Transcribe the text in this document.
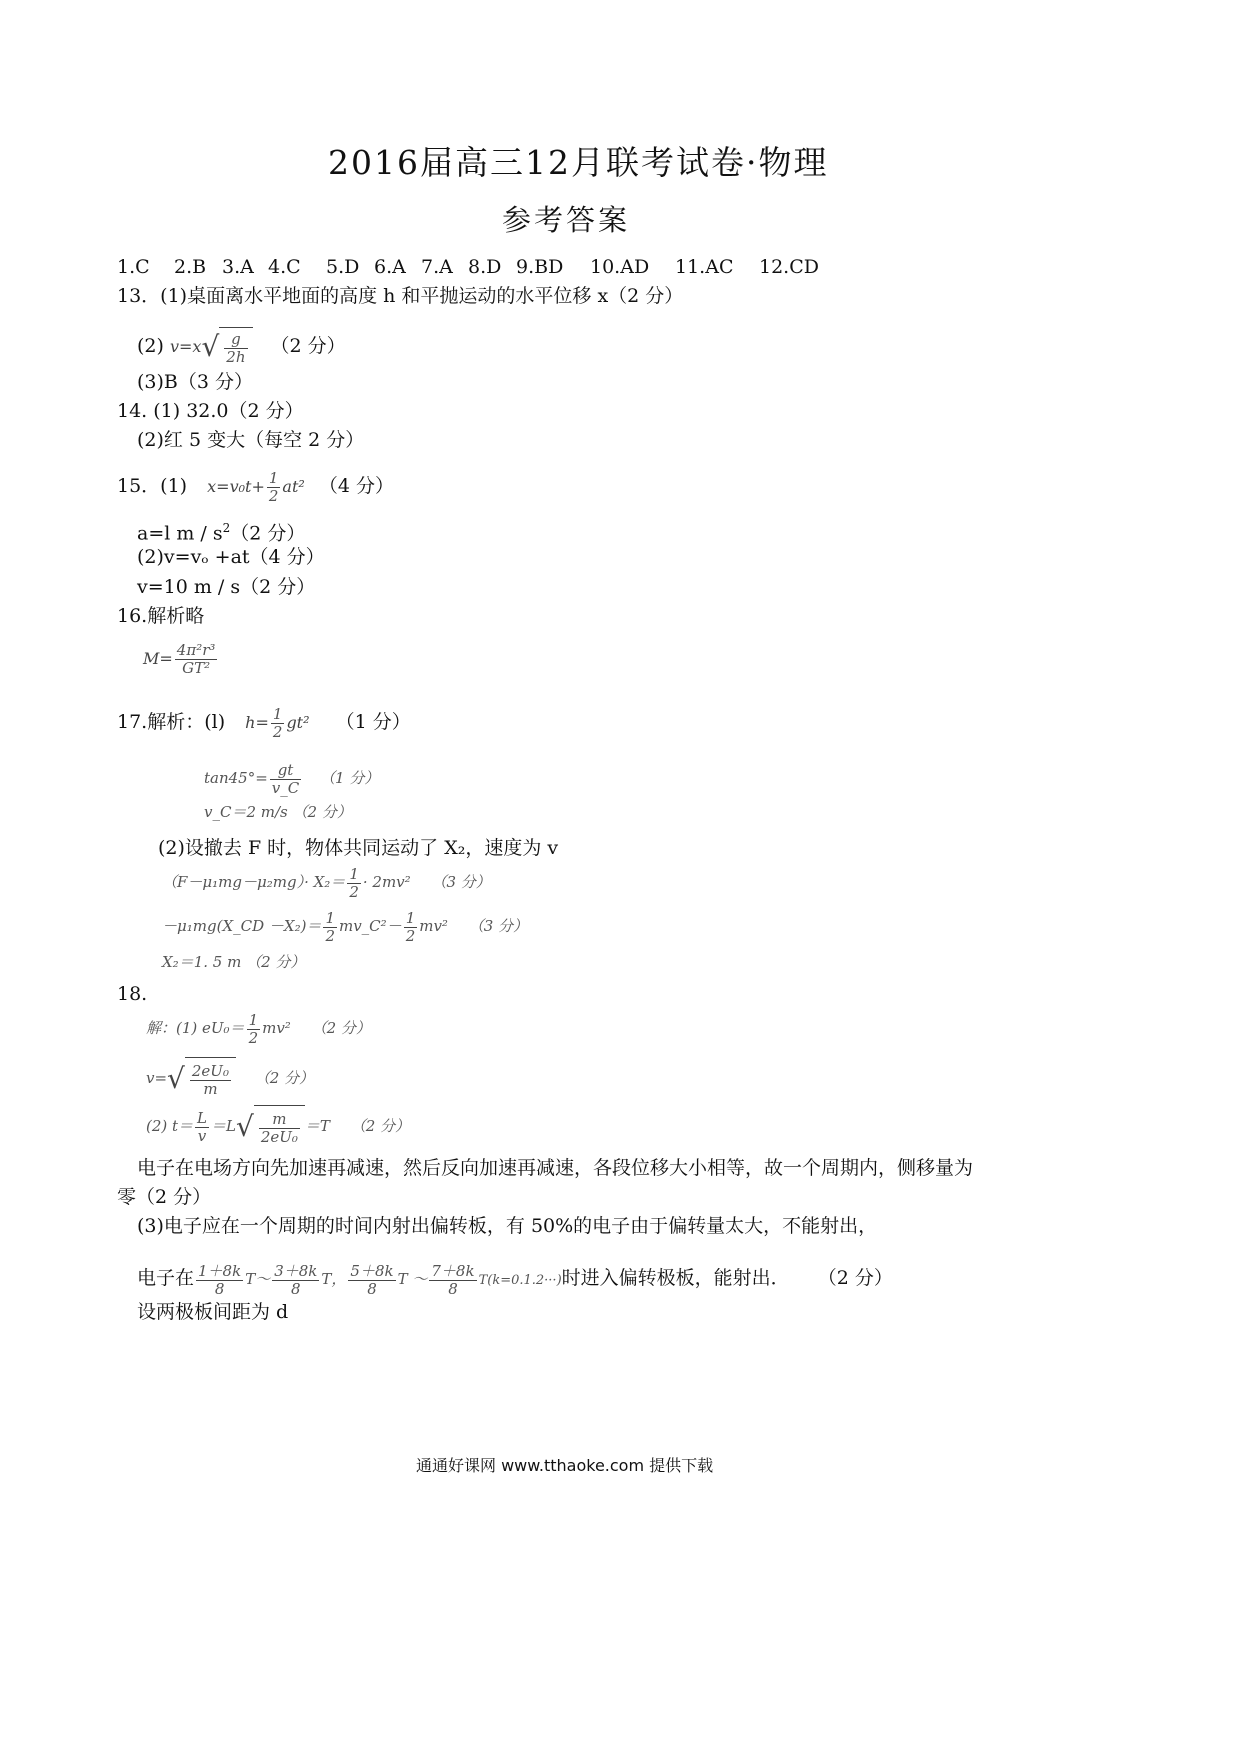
2016届高三12月联考试卷·物理
参考答案
1.C 2.B 3.A 4.C 5.D 6.A 7.A 8.D 9.BD 10.AD 11.AC 12.CD
13．(1)桌面离水平地面的高度 h 和平抛运动的水平位移 x（2 分）
(2) $v=x√ \frac{g}{2h} (2$ 分）
(3)B（3 分）
14. (1) 32.0（2 分）
(2)红 5 变大（每空 2 分）
15．(1) $x=v_0t+ \frac{1}{2} at^2$ （4 分）
a=l m / $s^2(2$ 分）
(2)v=vₒ +at（4 分）
v=10 m / s（2 分）
16.解析略
$M= \frac{\text{4π²r³}}{\text{GT²}}$
17.解析：(l) $h= \frac{1}{2} gt^2$ （1 分）
$\tan 45^\circ= \frac{gt}{v\_C} (1$ 分）
v_C＝2 m/s （2 分）
(2)设撤去 F 时，物体共同运动了 X₂，速度为 v
$(F-\mu_1mg-\mu_2mg)\cdot X_2= \frac{1}{2} \cdot 2mv^2$ （3 分）
－μ₁mg(X_CD $-X_2)= \frac{1}{2}$ mv_C²－ $\frac{1}{2} mv^2$ （3 分）
X₂＝1. 5 m （2 分）
18.
解：(1) $eU_0= \frac{1}{2} mv^2$ （2 分）
$v=√ \frac{\text{2eU₀}}{m} (2$ 分）
(2) $t= \frac{L}{v} =L√ \frac{m}{\text{2eU₀}} =T$ （2 分）
电子在电场方向先加速再减速，然后反向加速再减速，各段位移大小相等，故一个周期内，侧移量为
零（2 分）
(3)电子应在一个周期的时间内射出偏转板，有 50%的电子由于偏转量太大，不能射出，
电子在 $\frac{1+8k}{8}$ T～ $\frac{3+8k}{8}$ T， $\frac{5+8k}{8}$ T ～ $\frac{7+8k}{8} T(k=0.1.2\cdot\cdot\cdot)$时进入偏转极板，能射出． （2 分）
设两极板间距为 d
通通好课网 www.tthaoke.com 提供下载
